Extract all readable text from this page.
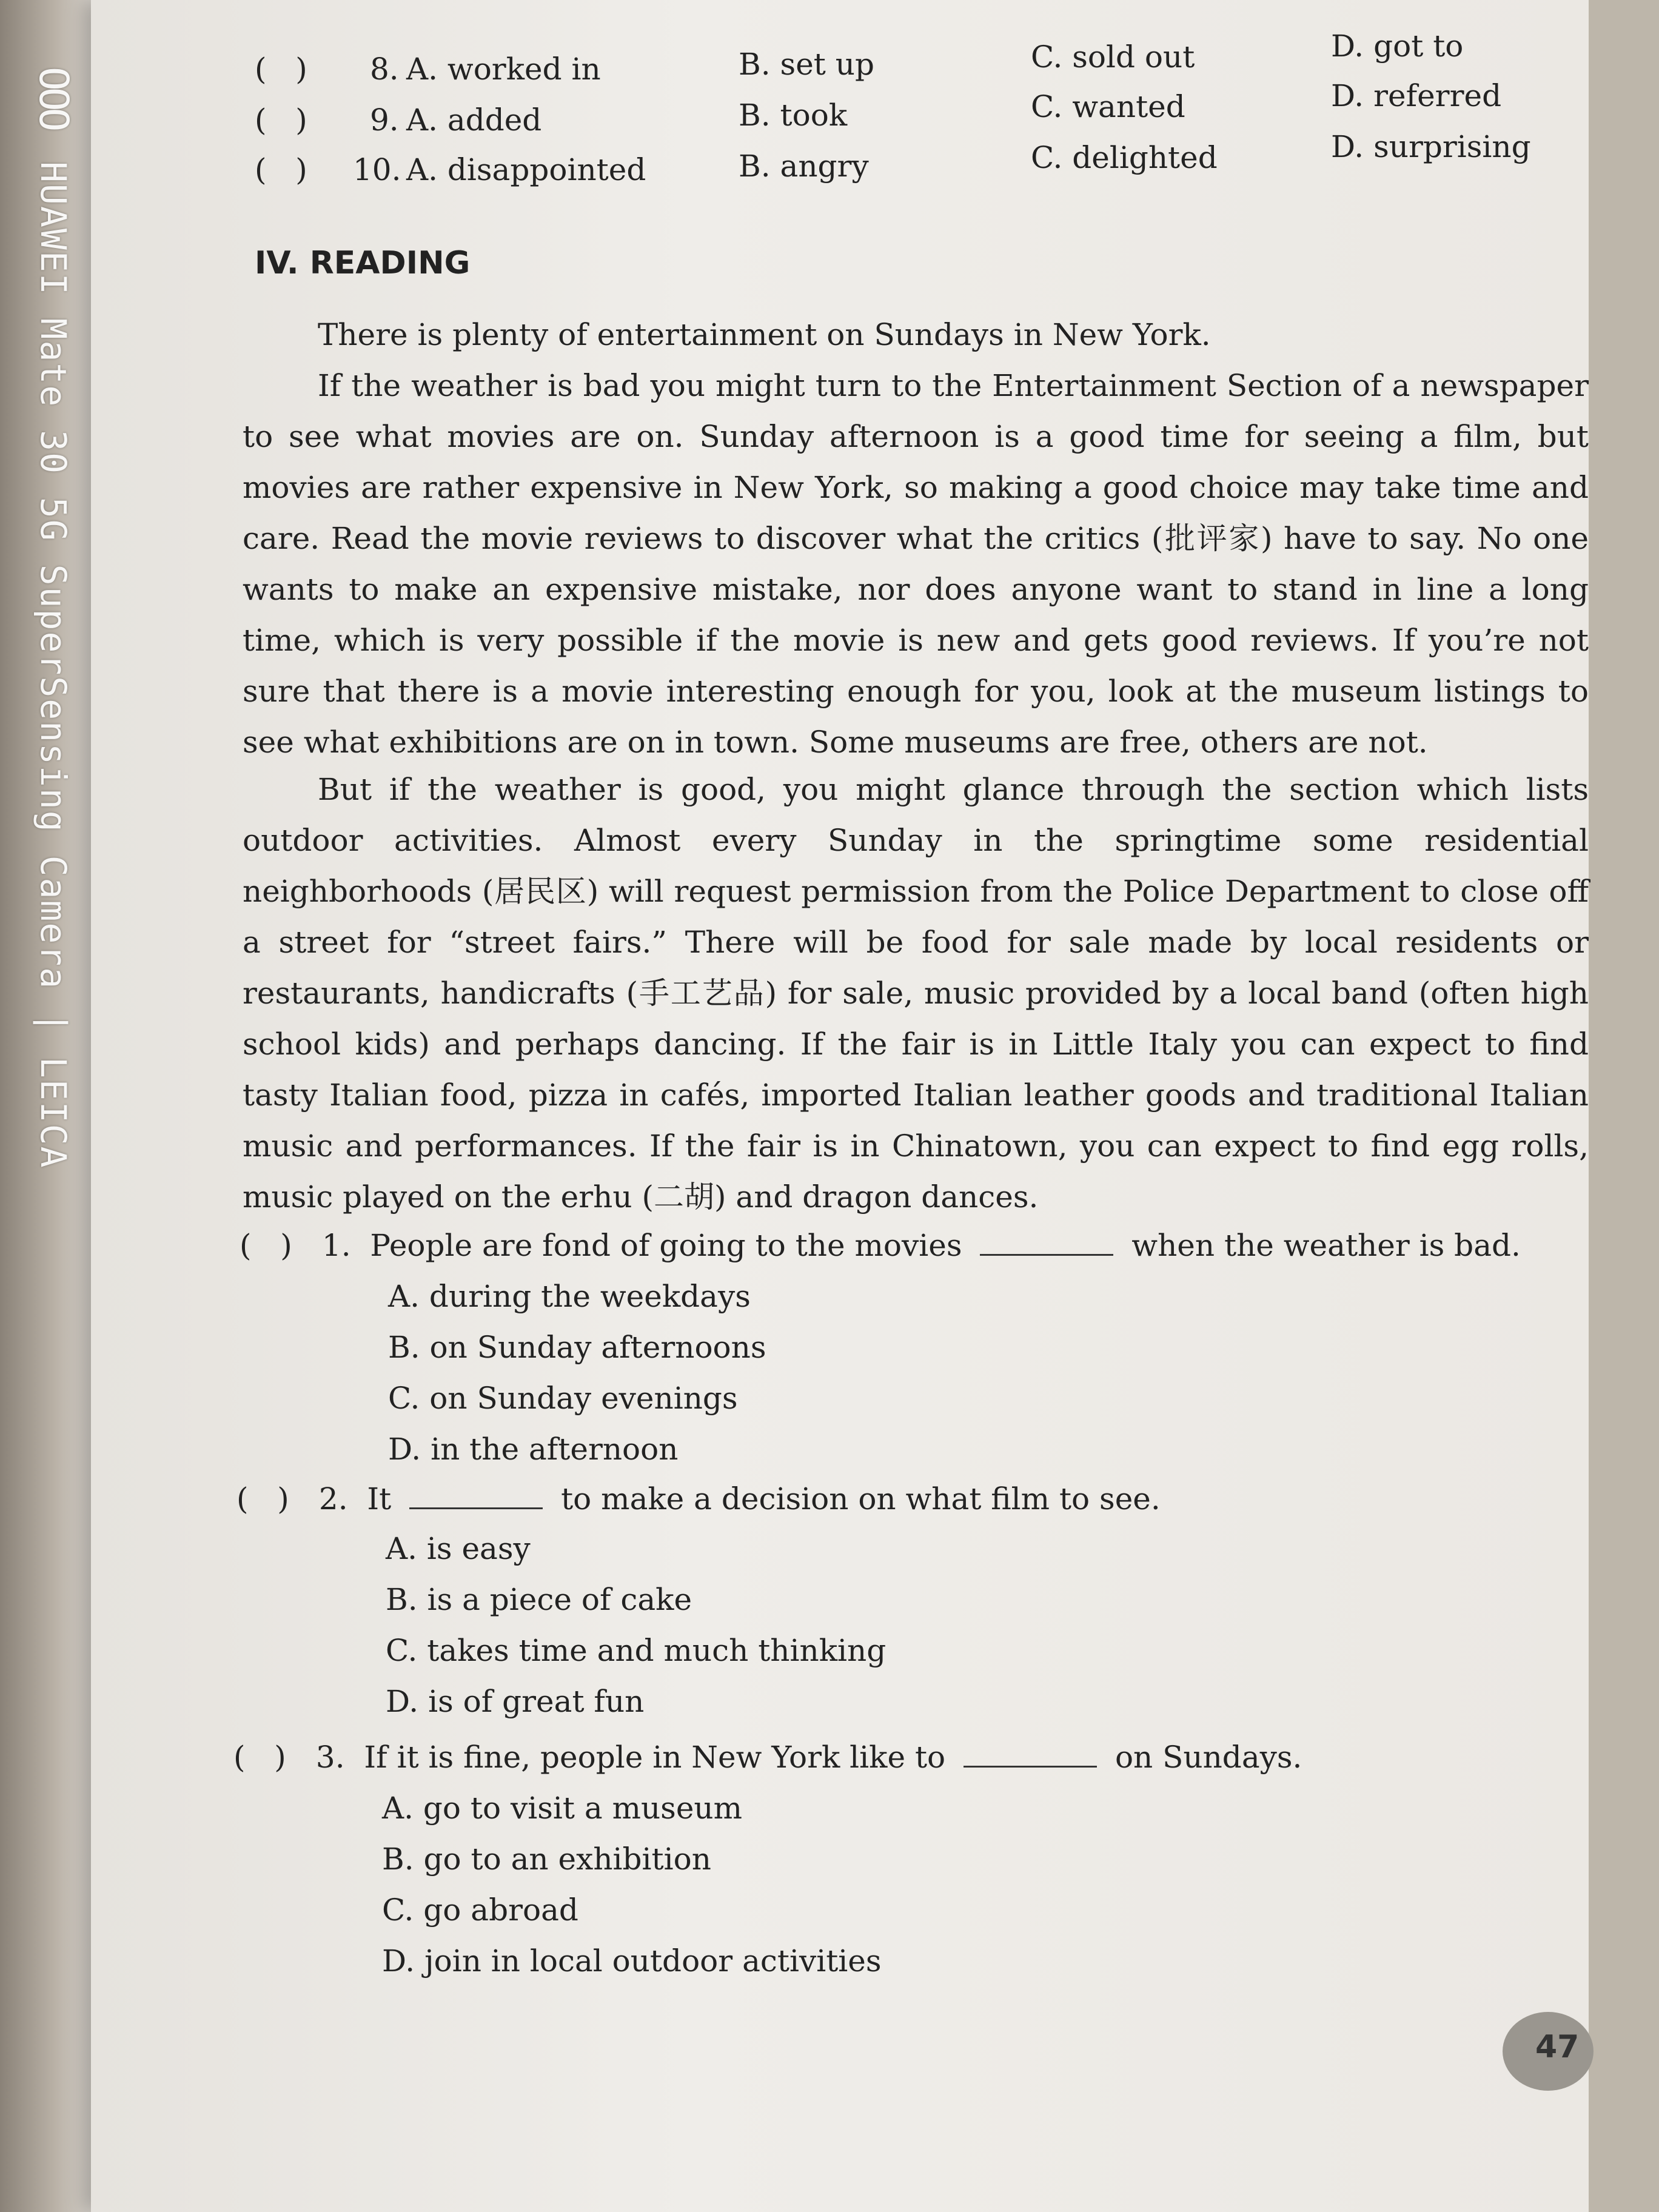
OOO HUAWEI Mate 30 5G SuperSensing Camera | LEICA
( )	8. A. worked in	B. set up	C. sold out	D. got to
( )	9. A. added	B. took	C. wanted	D. referred
( )	10. A. disappointed	B. angry	C. delighted	D. surprising
IV. READING
There is plenty of entertainment on Sundays in New York.
If the weather is bad you might turn to the Entertainment Section of a newspaper to see what movies are on. Sunday afternoon is a good time for seeing a film, but movies are rather expensive in New York, so making a good choice may take time and care. Read the movie reviews to discover what the critics (批评家) have to say. No one wants to make an expensive mistake, nor does anyone want to stand in line a long time, which is very possible if the movie is new and gets good reviews. If you’re not sure that there is a movie interesting enough for you, look at the museum listings to see what exhibitions are on in town. Some museums are free, others are not.
But if the weather is good, you might glance through the section which lists outdoor activities. Almost every Sunday in the springtime some residential neighborhoods (居民区) will request permission from the Police Department to close off a street for “street fairs.” There will be food for sale made by local residents or restaurants, handicrafts (手工艺品) for sale, music provided by a local band (often high school kids) and perhaps dancing. If the fair is in Little Italy you can expect to find tasty Italian food, pizza in cafés, imported Italian leather goods and traditional Italian music and performances. If the fair is in Chinatown, you can expect to find egg rolls, music played on the erhu (二胡) and dragon dances.
( ) 1. People are fond of going to the movies	when the weather is bad.
A. during the weekdays
B. on Sunday afternoons
C. on Sunday evenings
D. in the afternoon
( ) 2. It	to make a decision on what film to see.
A. is easy
B. is a piece of cake
C. takes time and much thinking
D. is of great fun
( ) 3. If it is fine, people in New York like to	on Sundays.
A. go to visit a museum
B. go to an exhibition
C. go abroad
D. join in local outdoor activities
47
